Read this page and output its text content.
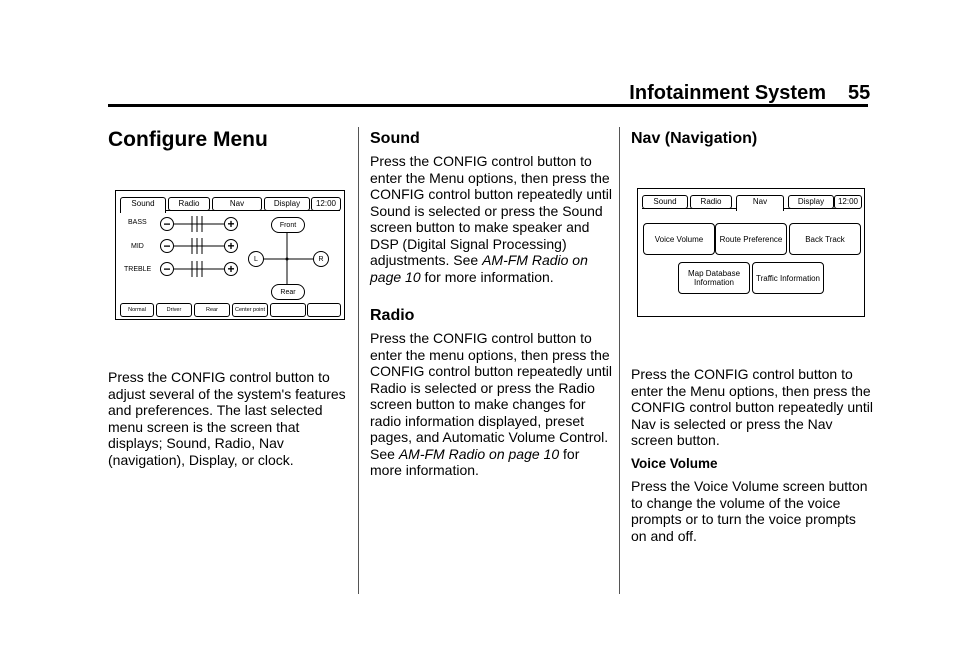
Infotainment System 55
Configure Menu
Sound	Radio	Nav	Display	12:00
BASS
MID
TREBLE
−	+
−	+
−	+
Front
Rear
L	R
Normal	Driver	Rear	Center point
Press the CONFIG control button to adjust several of the system's features and preferences. The last selected menu screen is the screen that displays; Sound, Radio, Nav (navigation), Display, or clock.
Sound
Press the CONFIG control button to enter the Menu options, then press the CONFIG control button repeatedly until Sound is selected or press the Sound screen button to make speaker and DSP (Digital Signal Processing) adjustments. See AM-FM Radio on page 10 for more information.
Radio
Press the CONFIG control button to enter the menu options, then press the CONFIG control button repeatedly until Radio is selected or press the Radio screen button to make changes for radio information displayed, preset pages, and Automatic Volume Control. See AM-FM Radio on page 10 for more information.
Nav (Navigation)
Sound	Radio	Nav	Display	12:00
Voice Volume	Route Preference	Back Track
Map Database Information	Traffic Information
Press the CONFIG control button to enter the Menu options, then press the CONFIG control button repeatedly until Nav is selected or press the Nav screen button.
Voice Volume
Press the Voice Volume screen button to change the volume of the voice prompts or to turn the voice prompts on and off.
